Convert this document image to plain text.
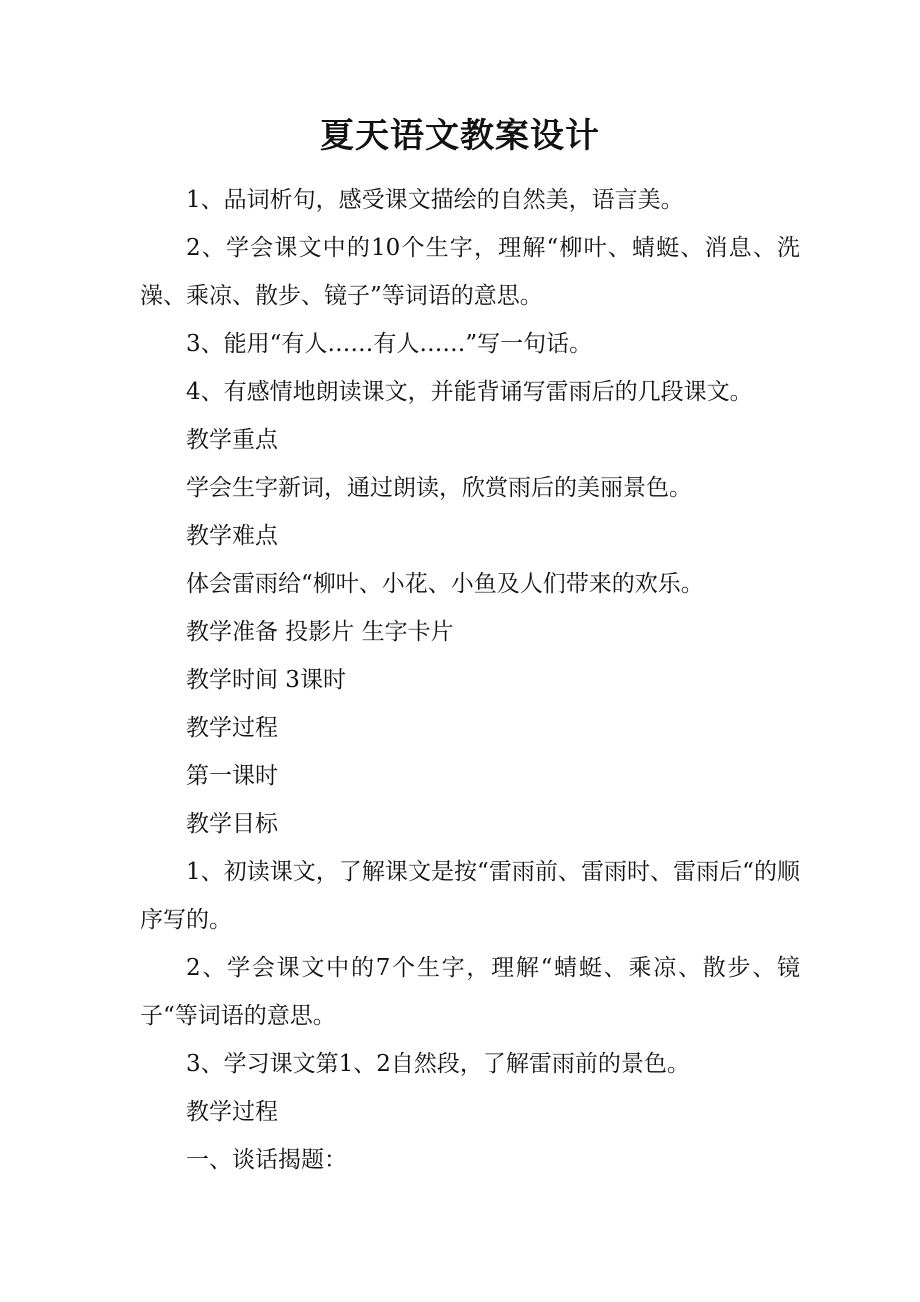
夏天语文教案设计

1、品词析句，感受课文描绘的自然美，语言美。

2、学会课文中的10个生字，理解“柳叶、蜻蜓、消息、洗澡、乘凉、散步、镜子”等词语的意思。

3、能用“有人……有人……”写一句话。

4、有感情地朗读课文，并能背诵写雷雨后的几段课文。

教学重点

学会生字新词，通过朗读，欣赏雨后的美丽景色。

教学难点

体会雷雨给“柳叶、小花、小鱼及人们带来的欢乐。

教学准备 投影片 生字卡片

教学时间 3课时

教学过程

第一课时

教学目标

1、初读课文，了解课文是按“雷雨前、雷雨时、雷雨后“的顺序写的。

2、学会课文中的7个生字，理解“蜻蜓、乘凉、散步、镜子“等词语的意思。

3、学习课文第1、2自然段，了解雷雨前的景色。

教学过程

一、谈话揭题：
